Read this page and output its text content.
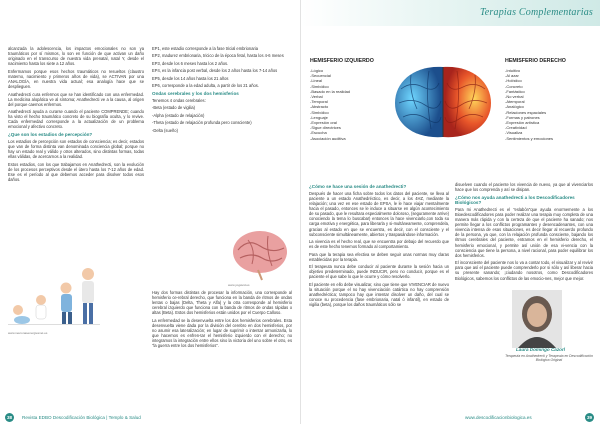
alcanzada la adolescencia, los impactos emocionales no son ya traumáticos por sí mismos, lo son en función de que activan un daño originado en el transcurso de nuestra vida prenatal, natal Y, desde el nacimiento hasta los siete a 12 años.

Enfermamos porque esos hechos traumáticos no resueltos (claustro materno, nacimiento y primeros años de vida), se ACTIVAN por una ANALOGÍA, en nuestra vida actual; esa analogía hace que se desplieguen.

Anathedrecti cura enfermos que se han identificado con una enfermedad. La medicina alopática ve al síntoma; Anathedrecti ve a la causa, al origen del porque caemos enfermos.

Anathedrecti ayuda a curarse cuando el paciente COMPRENDE; cuando ha visto el hecho traumático concreto de su biografía oculta, y lo revive. Cada enfermedad corresponde a la actualización de un problema emocional y afectivo concreto.

¿Que son los estadios de percepción?

Los estadios de percepción son estados de consciencia; es decir, estados que van de forma distinta van denominada conciencia global; porque no hay un estado real y válido y otros alterados, sino distintas formas, todas ellas válidas, de acercarnos a la realidad.

Estos estadios, con los que trabajamos en Anathedrecti, son la evolución de los procesos perceptivos desde el útero hasta los 7-12 años de edad. Ese es el período al que debemos acceder para disolver todos esos daños.

EP1, este estadio corresponde a la fase tricial embrionaria

EP2, madurez embrionaria, tricico de la época fetal, hasta los 4-6 meses

EP3, desde los 6 meses hasta los 2 años.

EP4, es la infancia post verbal, desde los 2 años hasta los 7-14 años

EP5, desde los 14 años hasta los 21 años

EP6, corresponde a la edad adulta, a partir de los 21 años.

Ondas cerebrales y los dos hemisferios

Tenemos 4 ondas cerebrales:

-Beta (estado de vigilia)

-Alpha (estado de relajación)

-Theta (estado de relajación profunda pero consciente)

-Delta (sueño)

Hay dos formas distintas de procesar la información, una corresponde al hemisferio ce-rebral derecho, que funciona en la banda de ritmos de ondas lentas o bajas (Delta, Theta y Alfa) y la otra corresponde al hemisferio cerebral izquierdo que funciona con la banda de ritmos de ondas rápidas o altas (Beta). Estos dos hemisferios están unidos por el Cuerpo Calloso.

La enfermedad se la desenvuelta entre los dos hemisferios cerebrales. Esta desenvuelta viene dada por la división del cerebro en dos hemisferios, por no asumir esa lateralización; en lugar de suprimir o intentar armonizarla, lo que hacemos es enfren-tar el hemisferio izquierdo con el derecho; no integramos la integración entre ellos sino la victoria del uno sobre el otro, es "la guerra entre los dos hemisferios".

www.neuronasenergiesnet.es
www.yogavid.es
38	Revista EDBO Descodificación Biológica | Templo & Salud
Terapias Complementarias
HEMISFERIO IZQUIERDO
-Lógico
-Secuencial
-Lineal
-Simbólico
-Basado en la realidad
-Verbal
-Temporal
-Abstracto
-Simbólico
-Lenguaje
-Expresión oral
-Sigue directrices
-Escucha
-Asociación auditiva
HEMISFERIO DERECHO
-Intuitivo
-Al azar
-Holístico
-Concreto
-Fantástico
-No verbal
-Atemporal
-Analógico
-Relaciones espaciales
-Formas y patrones
-Expresión artística
-Creatividad
-Visualiza
-Sentimientos y emociones

¿Cómo se hace una sesión de anathedrecti?

Después de hacer una ficha sobre todos los datos del paciente, se lleva al paciente a un estado Anathedréctico, es decir, a los 4HZ, mediante la relajación; una vez en ese estado de EPSA, le le hace viajar mentalmente hacia el pasado, entonces se le induce a situarse en algún acontecimiento de su pasado, que le resultara especialmente doloroso, (seguramente arrive) conociendo la tema lo buscaba!) entonces la hace vivenciarlo,con toda su carga emotiva y energética, para liberarla y si-multáneamente, comprendela, gracias al estado en que se encuentra, es decir, con el consciente y el subconsciente simultáneamente, abiertos y traspasándose información.

La vivencia es el hecho real, que se encuentra por debajo del recuerdo que es de este hecho tenemos formado al comportamiento.

Para que la terapia sea efectiva se deben seguir unas normas muy claras establecidas por la terapia.

El terapeuta nunca debe conducir al paciente durante la sesión hacia un objetivo predeterminado, puede INDUCIR, pero no conducir, porque es el paciente el que sabe lo que le ocurre y cómo resolverlo.

El paciente en ello debe visualizar, sino que tiene que VIVENCIAR de nuevo la situación porque el no hay vivenciación catártica no hay comprensión anathedréctica; tampoco hay que intentar disolver un daño, del cual se conoce su procedencia (fase embrionaria, natal ó infantil), en estado de vigilia (beta), porque los daños traumáticos sólo se

disuelven cuando el paciente los vivencia de nuevo, ya que al vivenciarlos hace que los comprenda y así se disipan.

¿Cómo nos ayuda anathedrecti a los Descodificadores Biológicos?

Para mi Anathedrecti es el "eslabón"que ayuda enormemente a los Bioedescodificadores para poder realizar una terapia muy completa de una manera más rápida y con la certeza de que el paciente ha sanado; nos permite llegar a los conflictos programantes y desencadenantes, con una vivencia intensa de esas situaciones, es decir llegar al recuerdo profundo de la persona, ya que, con la relajación profunda consciente, bajando los ritmos cerebrales del paciente, entramos en el hemisferio derecho, el hemisferio emocional, y permite así unión de esa vi-vencia con la consciencia que tiene la persona, a nivel racional, para poder equilibrar los dos hemisferios.

El inconsciente del paciente nos lo va a contar todo, el visualizar y al revivir para que así el paciente puede comprenderlo por si sólo y así liberar hacia su presente sanando; ¡ciudando nosotros, como Descodificadores Biológicos, sabemos los conflictos de las emocio-nes, mejor que mejor.

Laura Domingo Cazorl
Terapeuta en Anathedrecti y Terapeuta en Descodificación Biológica Original
www.descodificacionbiologica.es	39
